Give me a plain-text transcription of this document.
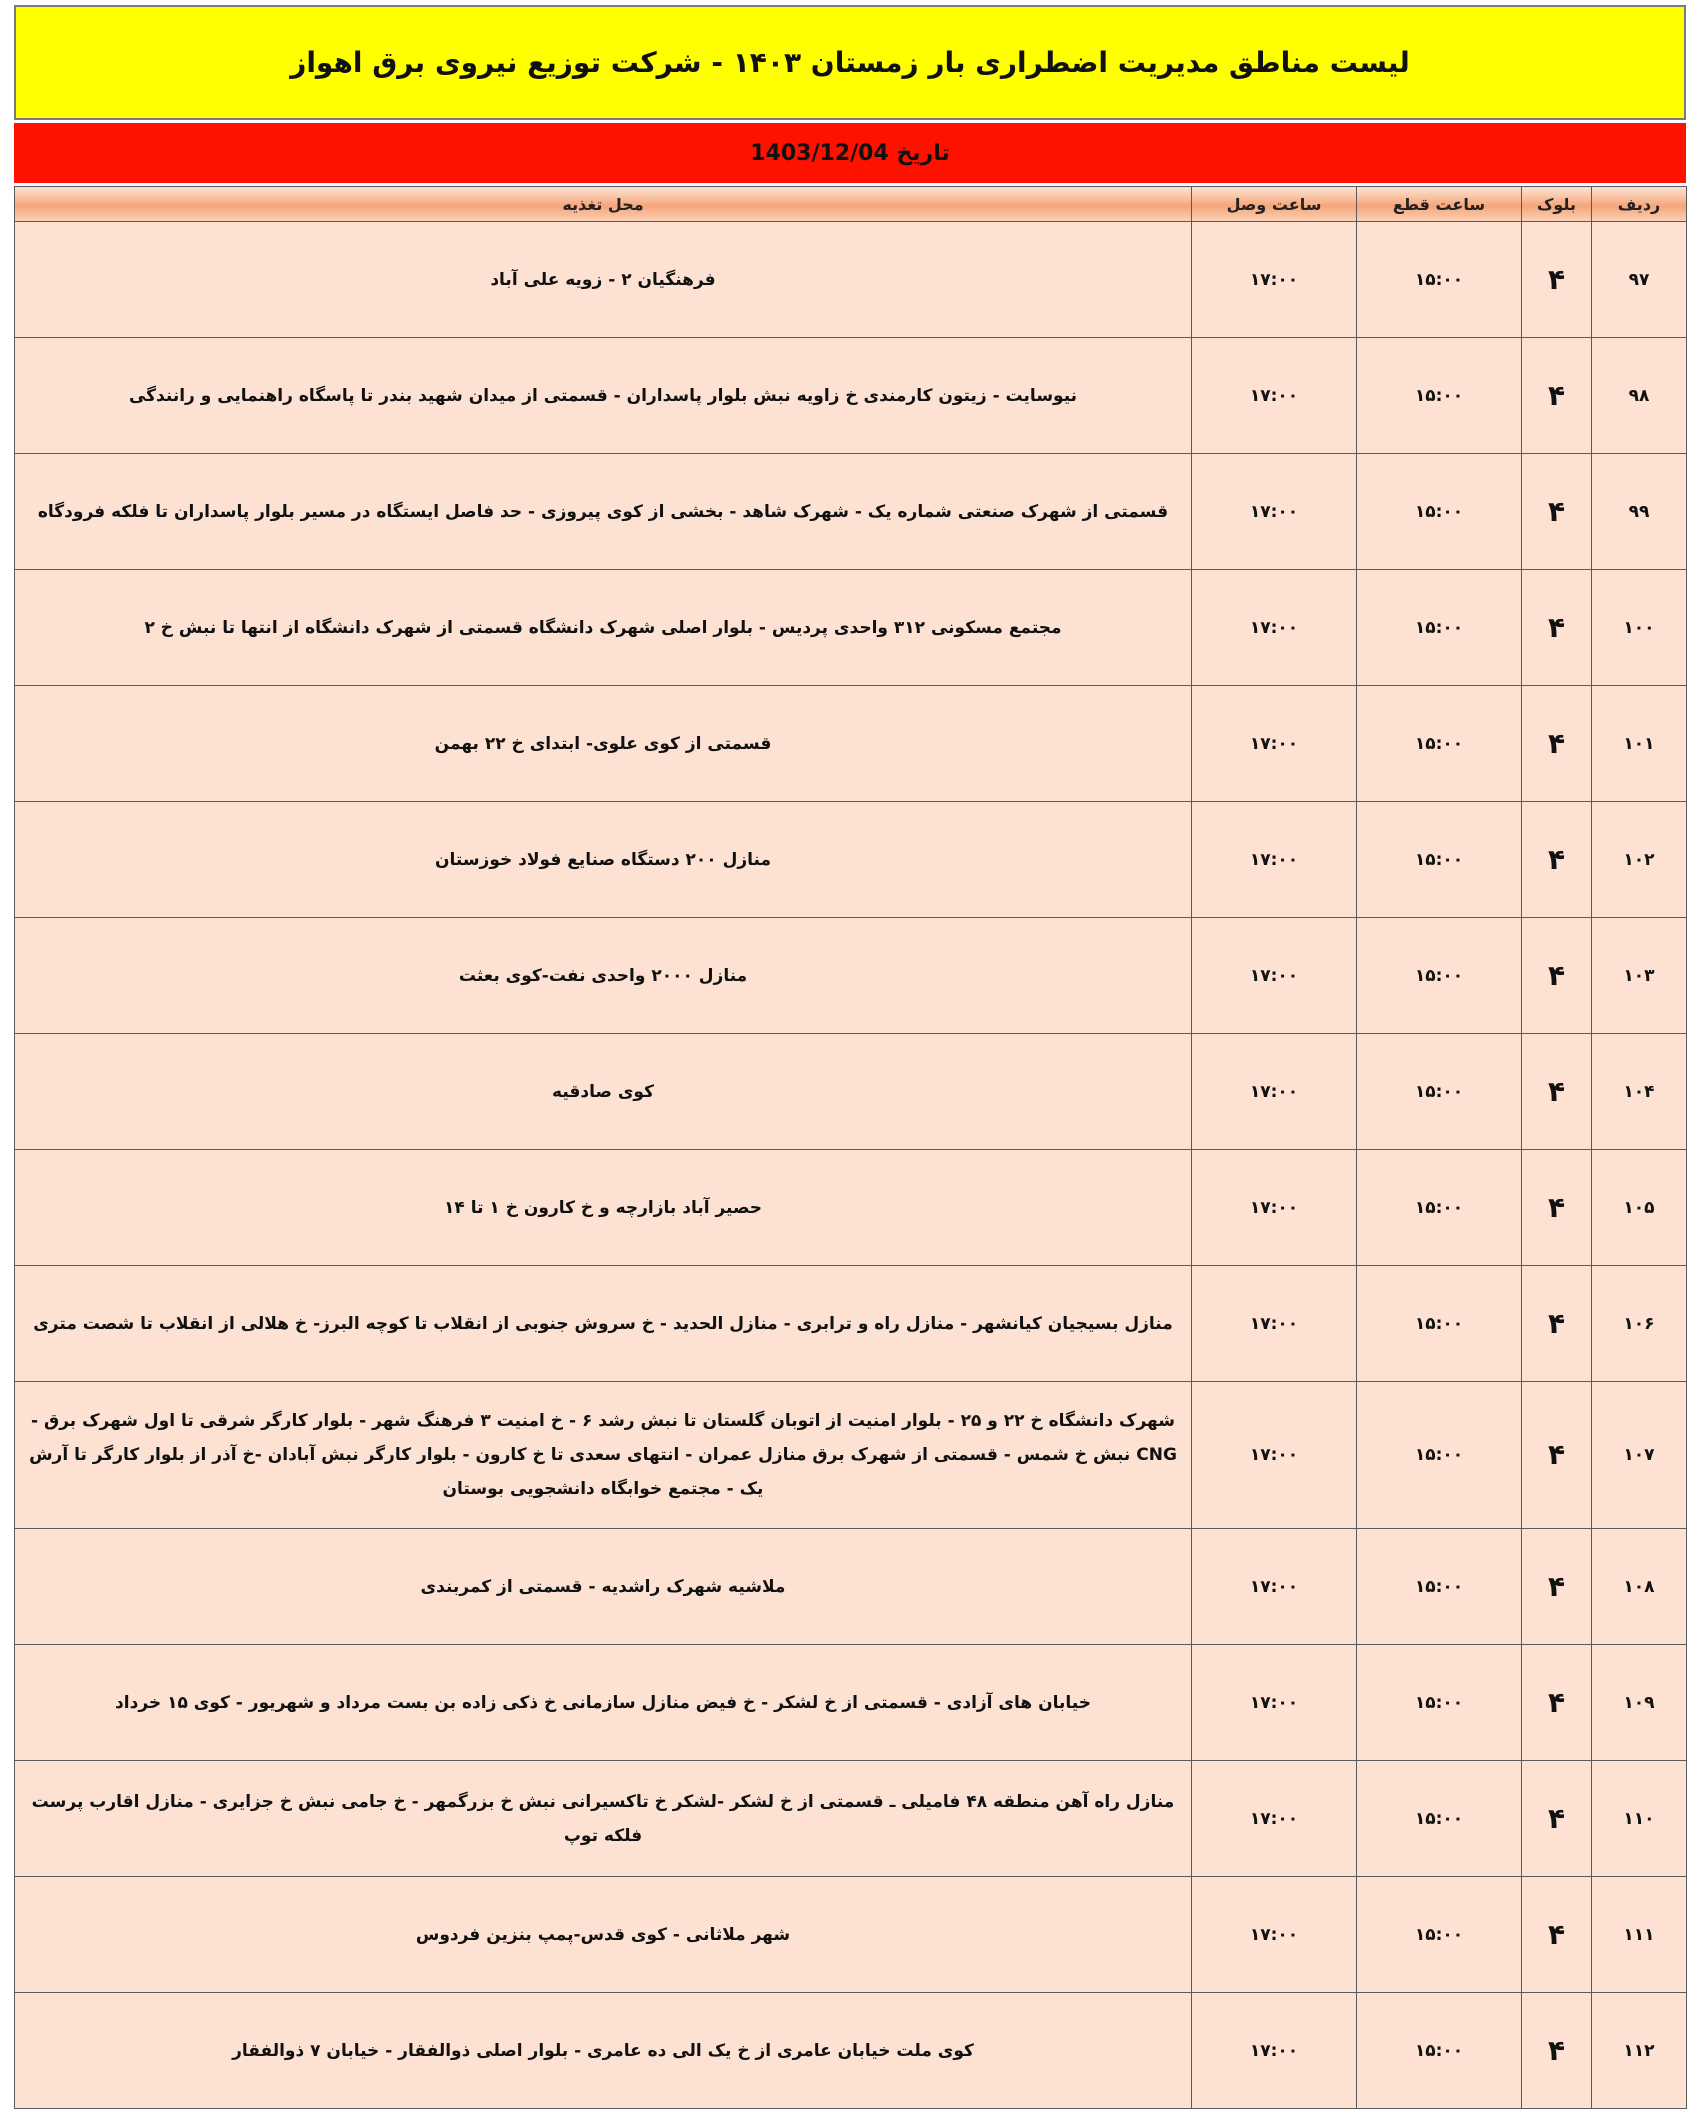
لیست مناطق مدیریت اضطراری بار زمستان ۱۴۰۳ - شرکت توزیع نیروی برق اهواز
تاریخ 1403/12/04
ردیف	بلوک	ساعت قطع	ساعت وصل	محل تغذیه
۹۷	۴	۱۵:۰۰	۱۷:۰۰	فرهنگیان ۲ - زویه علی آباد
۹۸	۴	۱۵:۰۰	۱۷:۰۰	نیوسایت - زیتون کارمندی خ زاویه نبش بلوار پاسداران - قسمتی از میدان شهید بندر تا پاسگاه راهنمایی و رانندگی
۹۹	۴	۱۵:۰۰	۱۷:۰۰	قسمتی از شهرک صنعتی شماره یک - شهرک شاهد - بخشی از کوی پیروزی - حد فاصل ایستگاه در مسیر بلوار پاسداران تا فلکه فرودگاه
۱۰۰	۴	۱۵:۰۰	۱۷:۰۰	مجتمع مسکونی ۳۱۲ واحدی پردیس - بلوار اصلی شهرک دانشگاه قسمتی از شهرک دانشگاه از انتها تا نبش خ ۲
۱۰۱	۴	۱۵:۰۰	۱۷:۰۰	قسمتی از کوی علوی- ابتدای خ ۲۲ بهمن
۱۰۲	۴	۱۵:۰۰	۱۷:۰۰	منازل ۲۰۰ دستگاه صنایع فولاد خوزستان
۱۰۳	۴	۱۵:۰۰	۱۷:۰۰	منازل ۲۰۰۰ واحدی نفت-کوی بعثت
۱۰۴	۴	۱۵:۰۰	۱۷:۰۰	کوی صادقیه
۱۰۵	۴	۱۵:۰۰	۱۷:۰۰	حصیر آباد بازارچه و خ کارون خ ۱ تا ۱۴
۱۰۶	۴	۱۵:۰۰	۱۷:۰۰	منازل بسیجیان کیانشهر - منازل راه و ترابری - منازل الحدید - خ سروش جنوبی از انقلاب تا کوچه البرز- خ هلالی از انقلاب تا شصت متری
۱۰۷	۴	۱۵:۰۰	۱۷:۰۰	شهرک دانشگاه خ ۲۲ و ۲۵ - بلوار امنیت از اتوبان گلستان تا نبش رشد ۶ - خ امنیت ۳ فرهنگ شهر - بلوار کارگر شرقی تا اول شهرک برق - CNG نبش خ شمس - قسمتی از شهرک برق منازل عمران - انتهای سعدی تا خ کارون - بلوار کارگر نبش آبادان -خ آذر از بلوار کارگر تا آرش یک - مجتمع خوابگاه دانشجویی بوستان
۱۰۸	۴	۱۵:۰۰	۱۷:۰۰	ملاشیه شهرک راشدیه - قسمتی از کمربندی
۱۰۹	۴	۱۵:۰۰	۱۷:۰۰	خیابان های آزادی - قسمتی از خ لشکر - خ فیض منازل سازمانی خ ذکی زاده بن بست مرداد و شهریور - کوی ۱۵ خرداد
۱۱۰	۴	۱۵:۰۰	۱۷:۰۰	منازل راه آهن منطقه ۴۸ فامیلی ـ قسمتی از خ لشکر -لشکر خ تاکسیرانی نبش خ بزرگمهر - خ جامی نبش خ جزایری - منازل اقارب پرست فلکه توپ
۱۱۱	۴	۱۵:۰۰	۱۷:۰۰	شهر ملاثانی - کوی قدس-پمپ بنزین فردوس
۱۱۲	۴	۱۵:۰۰	۱۷:۰۰	کوی ملت خیابان عامری از خ یک الی ده عامری - بلوار اصلی ذوالفقار - خیابان ۷ ذوالفقار
